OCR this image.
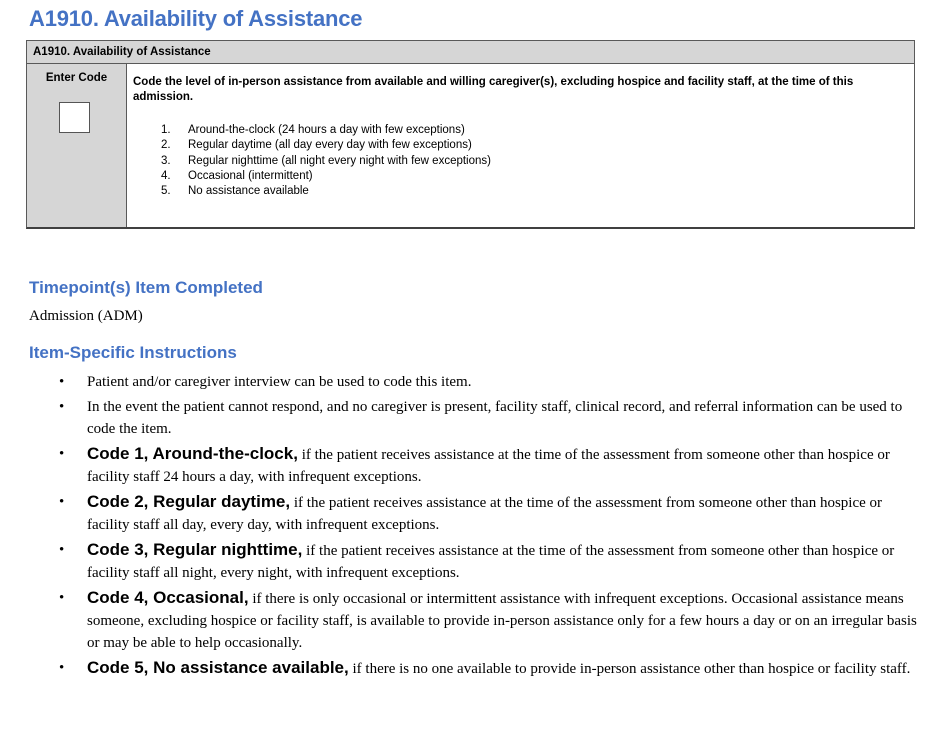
A1910. Availability of Assistance
A1910. Availability of Assistance
Enter Code	Code the level of in-person assistance from available and willing caregiver(s), excluding hospice and facility staff, at the time of this admission.
1. Around-the-clock (24 hours a day with few exceptions)
2. Regular daytime (all day every day with few exceptions)
3. Regular nighttime (all night every night with few exceptions)
4. Occasional (intermittent)
5. No assistance available
Timepoint(s) Item Completed
Admission (ADM)
Item-Specific Instructions
• Patient and/or caregiver interview can be used to code this item.
• In the event the patient cannot respond, and no caregiver is present, facility staff, clinical record, and referral information can be used to code the item.
• Code 1, Around-the-clock, if the patient receives assistance at the time of the assessment from someone other than hospice or facility staff 24 hours a day, with infrequent exceptions.
• Code 2, Regular daytime, if the patient receives assistance at the time of the assessment from someone other than hospice or facility staff all day, every day, with infrequent exceptions.
• Code 3, Regular nighttime, if the patient receives assistance at the time of the assessment from someone other than hospice or facility staff all night, every night, with infrequent exceptions.
• Code 4, Occasional, if there is only occasional or intermittent assistance with infrequent exceptions. Occasional assistance means someone, excluding hospice or facility staff, is available to provide in-person assistance only for a few hours a day or on an irregular basis or may be able to help occasionally.
• Code 5, No assistance available, if there is no one available to provide in-person assistance other than hospice or facility staff.
